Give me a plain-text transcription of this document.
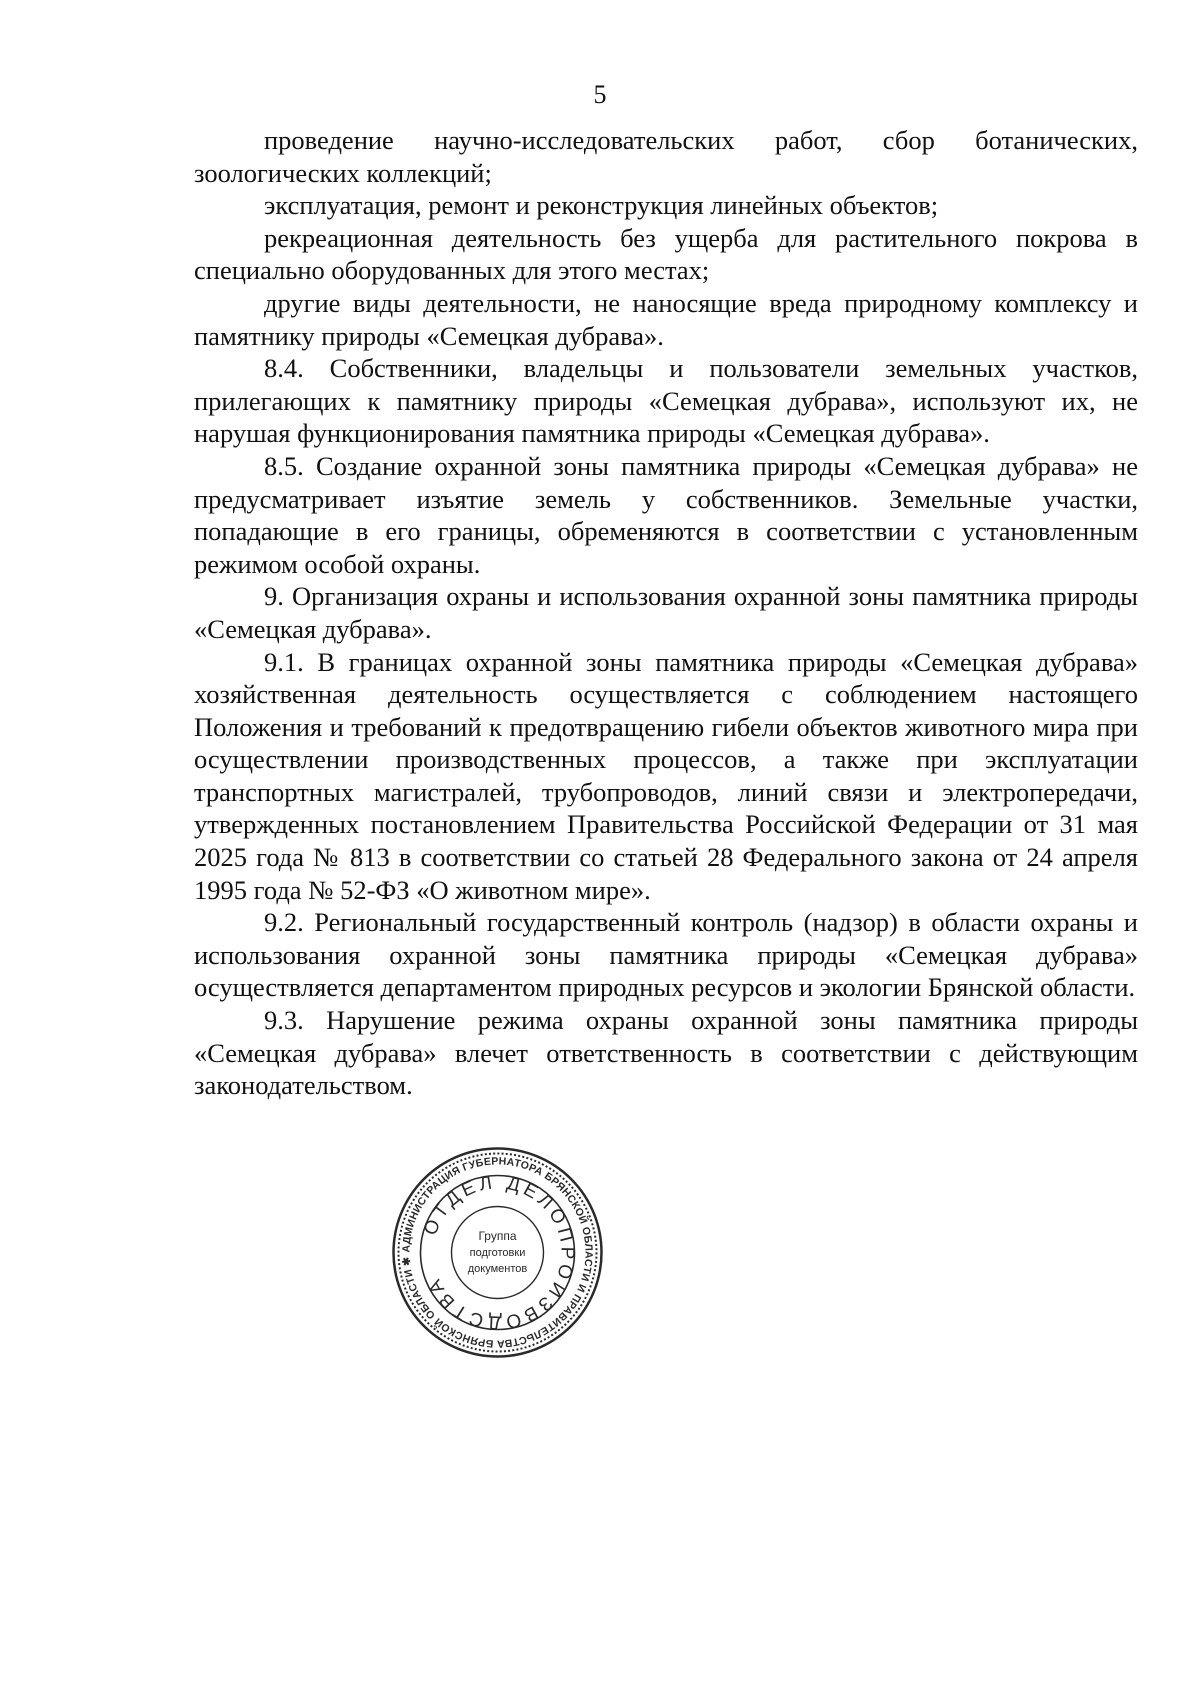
5

проведение научно-исследовательских работ, сбор ботанических, зоологических коллекций;

эксплуатация, ремонт и реконструкция линейных объектов;

рекреационная деятельность без ущерба для растительного покрова в специально оборудованных для этого местах;

другие виды деятельности, не наносящие вреда природному комплексу и памятнику природы «Семецкая дубрава».

8.4. Собственники, владельцы и пользователи земельных участков, прилегающих к памятнику природы «Семецкая дубрава», используют их, не нарушая функционирования памятника природы «Семецкая дубрава».

8.5. Создание охранной зоны памятника природы «Семецкая дубрава» не предусматривает изъятие земель у собственников. Земельные участки, попадающие в его границы, обременяются в соответствии с установленным режимом особой охраны.

9. Организация охраны и использования охранной зоны памятника природы «Семецкая дубрава».

9.1. В границах охранной зоны памятника природы «Семецкая дубрава» хозяйственная деятельность осуществляется с соблюдением настоящего Положения и требований к предотвращению гибели объектов животного мира при осуществлении производственных процессов, а также при эксплуатации транспортных магистралей, трубопроводов, линий связи и электропередачи, утвержденных постановлением Правительства Российской Федерации от 31 мая 2025 года № 813 в соответствии со статьей 28 Федерального закона от 24 апреля 1995 года № 52-ФЗ «О животном мире».

9.2. Региональный государственный контроль (надзор) в области охраны и использования охранной зоны памятника природы «Семецкая дубрава» осуществляется департаментом природных ресурсов и экологии Брянской области.

9.3. Нарушение режима охраны охранной зоны памятника природы «Семецкая дубрава» влечет ответственность в соответствии с действующим законодательством.

АДМИНИСТРАЦИЯ ГУБЕРНАТОРА БРЯНСКОЙ ОБЛАСТИ И ПРАВИТЕЛЬСТВА БРЯНСКОЙ ОБЛАСТИ ✱
ОТДЕЛ ДЕЛОПРОИЗВОДСТВА
Группа
подготовки
документов
